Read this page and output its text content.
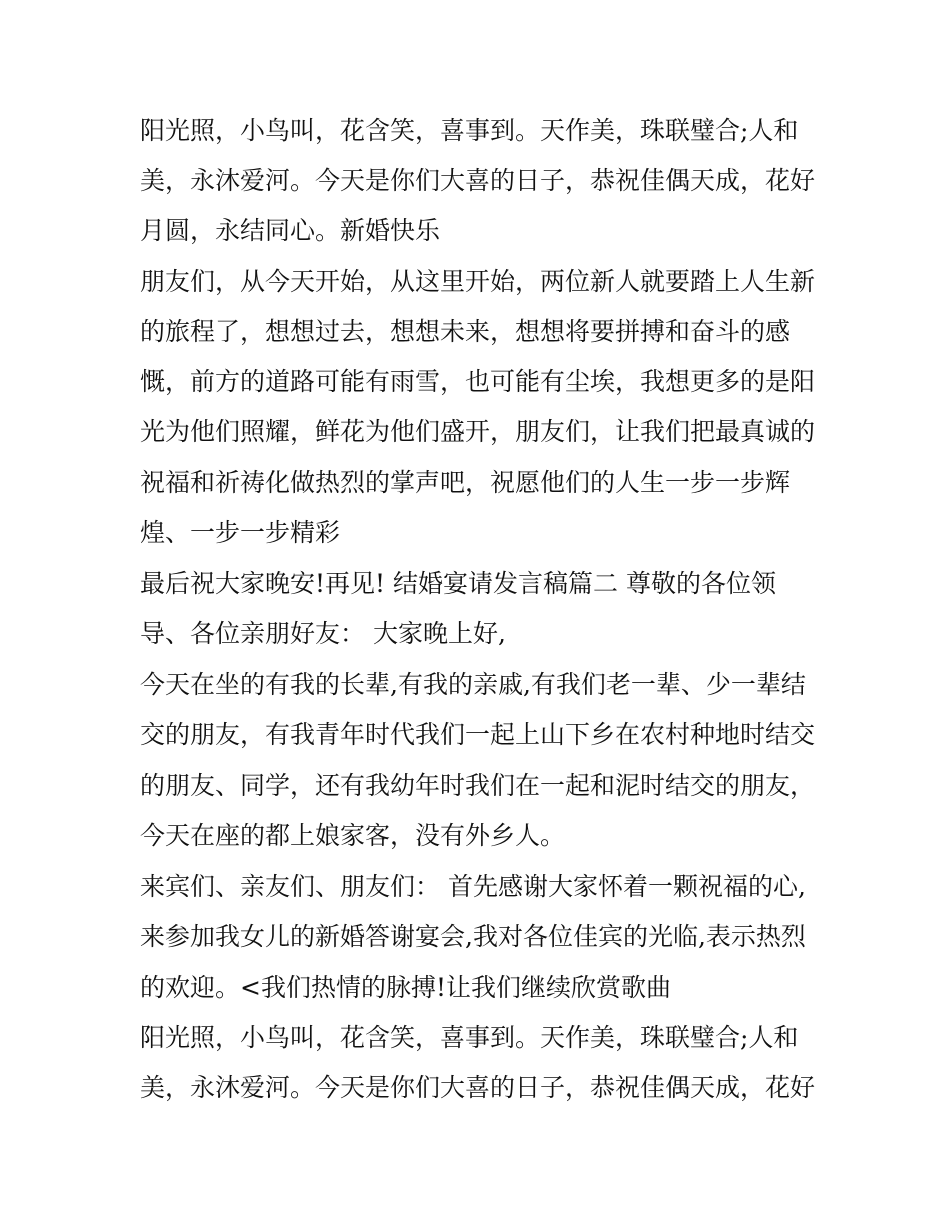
阳光照，小鸟叫，花含笑，喜事到。天作美，珠联璧合;人和
美，永沐爱河。今天是你们大喜的日子，恭祝佳偶天成，花好
月圆，永结同心。新婚快乐
朋友们，从今天开始，从这里开始，两位新人就要踏上人生新
的旅程了，想想过去，想想未来，想想将要拼搏和奋斗的感
慨，前方的道路可能有雨雪，也可能有尘埃，我想更多的是阳
光为他们照耀，鲜花为他们盛开，朋友们，让我们把最真诚的
祝福和祈祷化做热烈的掌声吧，祝愿他们的人生一步一步辉
煌、一步一步精彩
最后祝大家晚安!再见! 结婚宴请发言稿篇二 尊敬的各位领
导、各位亲朋好友： 大家晚上好,
今天在坐的有我的长辈,有我的亲戚,有我们老一辈、少一辈结
交的朋友，有我青年时代我们一起上山下乡在农村种地时结交
的朋友、同学，还有我幼年时我们在一起和泥时结交的朋友，
今天在座的都上娘家客，没有外乡人。
来宾们、亲友们、朋友们： 首先感谢大家怀着一颗祝福的心,
来参加我女儿的新婚答谢宴会,我对各位佳宾的光临,表示热烈
的欢迎。<我们热情的脉搏!让我们继续欣赏歌曲
阳光照，小鸟叫，花含笑，喜事到。天作美，珠联璧合;人和
美，永沐爱河。今天是你们大喜的日子，恭祝佳偶天成，花好
